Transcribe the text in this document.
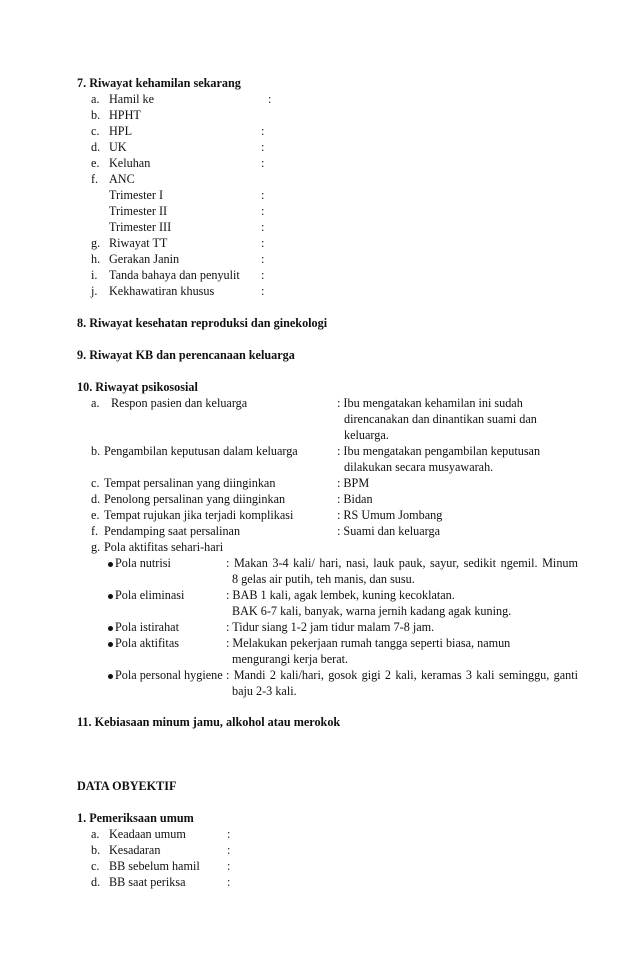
7. Riwayat kehamilan sekarang
a. Hamil ke	:
b. HPHT
c. HPL	:
d. UK	:
e. Keluhan	:
f. ANC
Trimester I	:
Trimester II	:
Trimester III	:
g. Riwayat TT	:
h. Gerakan Janin	:
i. Tanda bahaya dan penyulit :
j. Kekhawatiran khusus	:
8. Riwayat kesehatan reproduksi dan ginekologi
9. Riwayat KB dan perencanaan keluarga
10. Riwayat psikososial
a. Respon pasien dan keluarga	: Ibu mengatakan kehamilan ini sudah
direncanakan dan dinantikan suami dan
keluarga.
b. Pengambilan keputusan dalam keluarga	: Ibu mengatakan pengambilan keputusan
dilakukan secara musyawarah.
c. Tempat persalinan yang diinginkan	: BPM
d. Penolong persalinan yang diinginkan	: Bidan
e. Tempat rujukan jika terjadi komplikasi	: RS Umum Jombang
f. Pendamping saat persalinan	: Suami dan keluarga
g. Pola aktifitas sehari-hari
Pola nutrisi	: Makan 3-4 kali/ hari, nasi, lauk pauk, sayur, sedikit ngemil. Minum
8 gelas air putih, teh manis, dan susu.
Pola eliminasi	: BAB 1 kali, agak lembek, kuning kecoklatan.
BAK 6-7 kali, banyak, warna jernih kadang agak kuning.
Pola istirahat	: Tidur siang 1-2 jam tidur malam 7-8 jam.
Pola aktifitas	: Melakukan pekerjaan rumah tangga seperti biasa, namun
mengurangi kerja berat.
Pola personal hygiene : Mandi 2 kali/hari, gosok gigi 2 kali, keramas 3 kali seminggu, ganti
baju 2-3 kali.
11. Kebiasaan minum jamu, alkohol atau merokok
DATA OBYEKTIF
1. Pemeriksaan umum
a. Keadaan umum	:
b. Kesadaran	:
c. BB sebelum hamil :
d. BB saat periksa	:
